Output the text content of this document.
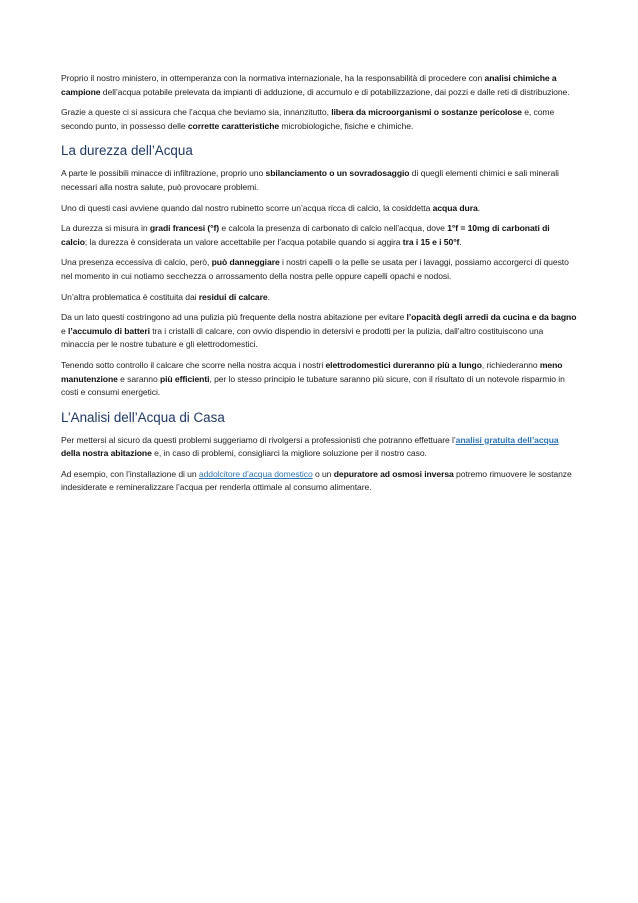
Proprio il nostro ministero, in ottemperanza con la normativa internazionale, ha la responsabilità di procedere con analisi chimiche a campione dell’acqua potabile prelevata da impianti di adduzione, di accumulo e di potabilizzazione, dai pozzi e dalle reti di distribuzione.

Grazie a queste ci si assicura che l’acqua che beviamo sia, innanzitutto, libera da microorganismi o sostanze pericolose e, come secondo punto, in possesso delle corrette caratteristiche microbiologiche, fisiche e chimiche.

La durezza dell’Acqua

A parte le possibili minacce di infiltrazione, proprio uno sbilanciamento o un sovradosaggio di quegli elementi chimici e sali minerali necessari alla nostra salute, può provocare problemi.

Uno di questi casi avviene quando dal nostro rubinetto scorre un’acqua ricca di calcio, la cosiddetta acqua dura.

La durezza si misura in gradi francesi (°f) e calcola la presenza di carbonato di calcio nell’acqua, dove 1°f = 10mg di carbonati di calcio; la durezza è considerata un valore accettabile per l’acqua potabile quando si aggira tra i 15 e i 50°f.

Una presenza eccessiva di calcio, però, può danneggiare i nostri capelli o la pelle se usata per i lavaggi, possiamo accorgerci di questo nel momento in cui notiamo secchezza o arrossamento della nostra pelle oppure capelli opachi e nodosi.

Un’altra problematica è costituita dai residui di calcare.

Da un lato questi costringono ad una pulizia più frequente della nostra abitazione per evitare l’opacità degli arredi da cucina e da bagno e l’accumulo di batteri tra i cristalli di calcare, con ovvio dispendio in detersivi e prodotti per la pulizia, dall’altro costituiscono una minaccia per le nostre tubature e gli elettrodomestici.

Tenendo sotto controllo il calcare che scorre nella nostra acqua i nostri elettrodomestici dureranno più a lungo, richiederanno meno manutenzione e saranno più efficienti, per lo stesso principio le tubature saranno più sicure, con il risultato di un notevole risparmio in costi e consumi energetici.

L’Analisi dell’Acqua di Casa

Per mettersi al sicuro da questi problemi suggeriamo di rivolgersi a professionisti che potranno effettuare l’analisi gratuita dell’acqua della nostra abitazione e, in caso di problemi, consigliarci la migliore soluzione per il nostro caso.

Ad esempio, con l’installazione di un addolcitore d’acqua domestico o un depuratore ad osmosi inversa potremo rimuovere le sostanze indesiderate e remineralizzare l’acqua per renderla ottimale al consumo alimentare.
